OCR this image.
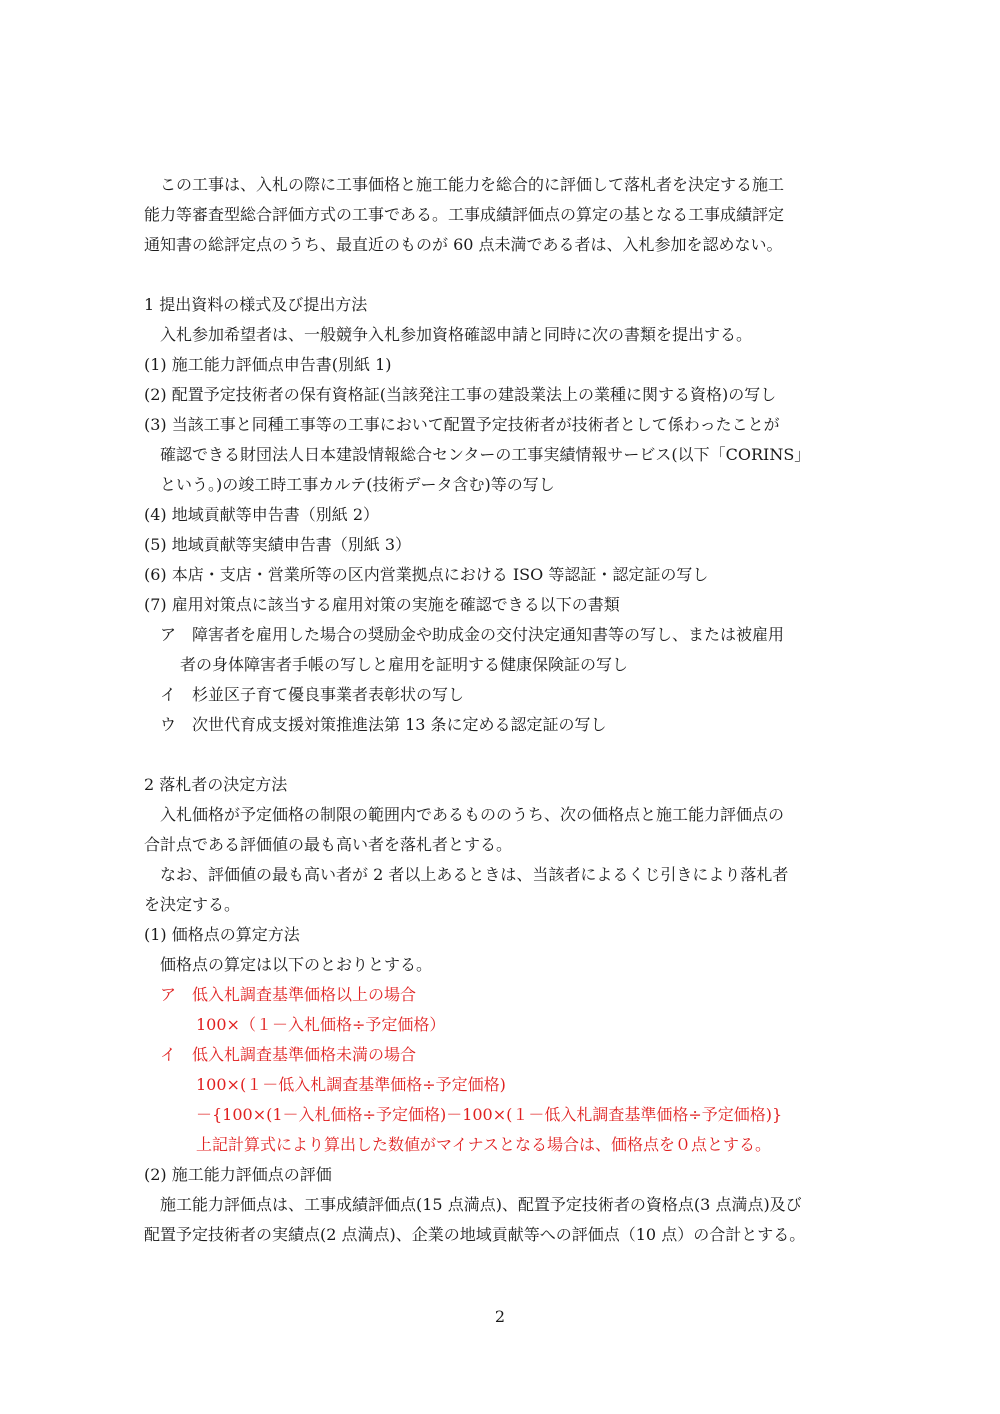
この工事は、入札の際に工事価格と施工能力を総合的に評価して落札者を決定する施工
能力等審査型総合評価方式の工事である。工事成績評価点の算定の基となる工事成績評定
通知書の総評定点のうち、最直近のものが 60 点未満である者は、入札参加を認めない。
1 提出資料の様式及び提出方法
入札参加希望者は、一般競争入札参加資格確認申請と同時に次の書類を提出する。
(1) 施工能力評価点申告書(別紙 1)
(2) 配置予定技術者の保有資格証(当該発注工事の建設業法上の業種に関する資格)の写し
(3) 当該工事と同種工事等の工事において配置予定技術者が技術者として係わったことが
確認できる財団法人日本建設情報総合センターの工事実績情報サービス(以下「CORINS」
という。)の竣工時工事カルテ(技術データ含む)等の写し
(4) 地域貢献等申告書（別紙 2）
(5) 地域貢献等実績申告書（別紙 3）
(6) 本店・支店・営業所等の区内営業拠点における ISO 等認証・認定証の写し
(7) 雇用対策点に該当する雇用対策の実施を確認できる以下の書類
ア　障害者を雇用した場合の奨励金や助成金の交付決定通知書等の写し、または被雇用
者の身体障害者手帳の写しと雇用を証明する健康保険証の写し
イ　杉並区子育て優良事業者表彰状の写し
ウ　次世代育成支援対策推進法第 13 条に定める認定証の写し
2 落札者の決定方法
入札価格が予定価格の制限の範囲内であるもののうち、次の価格点と施工能力評価点の
合計点である評価値の最も高い者を落札者とする。
なお、評価値の最も高い者が 2 者以上あるときは、当該者によるくじ引きにより落札者
を決定する。
(1) 価格点の算定方法
価格点の算定は以下のとおりとする。
ア　低入札調査基準価格以上の場合
100×（１－入札価格÷予定価格）
イ　低入札調査基準価格未満の場合
100×(１－低入札調査基準価格÷予定価格)
－{100×(1－入札価格÷予定価格)－100×(１－低入札調査基準価格÷予定価格)}
上記計算式により算出した数値がマイナスとなる場合は、価格点を０点とする。
(2) 施工能力評価点の評価
施工能力評価点は、工事成績評価点(15 点満点)、配置予定技術者の資格点(3 点満点)及び
配置予定技術者の実績点(2 点満点)、企業の地域貢献等への評価点（10 点）の合計とする。
2
